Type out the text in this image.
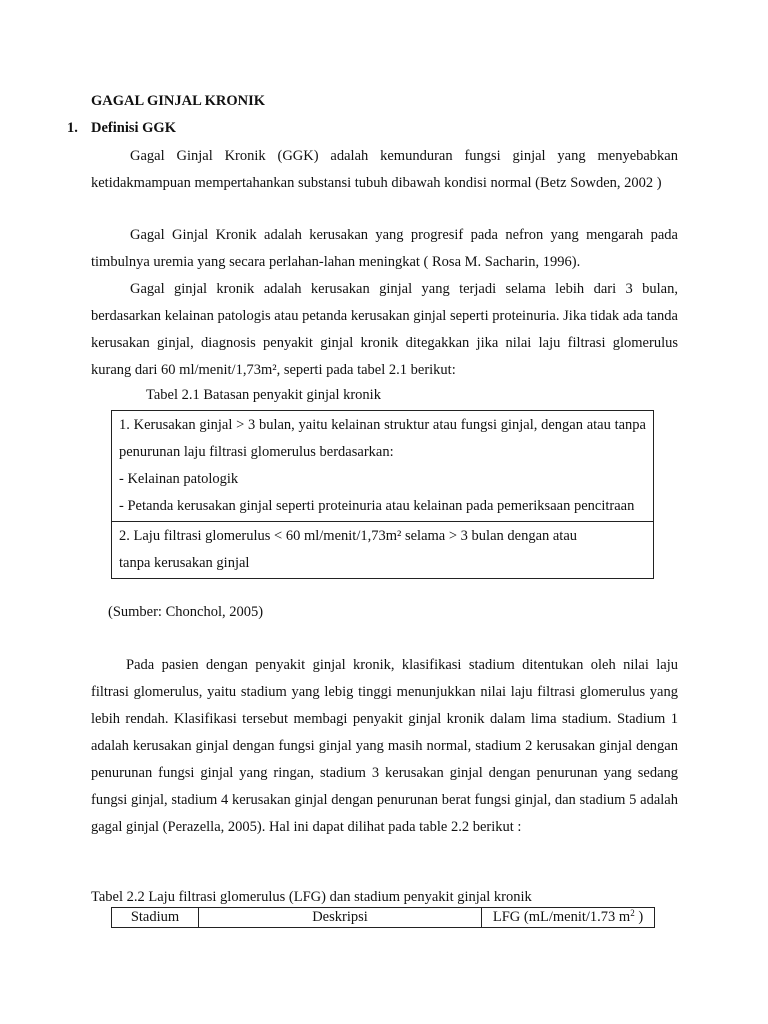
GAGAL GINJAL KRONIK
1. Definisi GGK

Gagal Ginjal Kronik (GGK) adalah kemunduran fungsi ginjal yang menyebabkan ketidakmampuan mempertahankan substansi tubuh dibawah kondisi normal (Betz Sowden, 2002 )

Gagal Ginjal Kronik adalah kerusakan yang progresif pada nefron yang mengarah pada timbulnya uremia yang secara perlahan-lahan meningkat ( Rosa M. Sacharin, 1996).

Gagal ginjal kronik adalah kerusakan ginjal yang terjadi selama lebih dari 3 bulan, berdasarkan kelainan patologis atau petanda kerusakan ginjal seperti proteinuria. Jika tidak ada tanda kerusakan ginjal, diagnosis penyakit ginjal kronik ditegakkan jika nilai laju filtrasi glomerulus kurang dari 60 ml/menit/1,73m², seperti pada tabel 2.1 berikut:

Tabel 2.1 Batasan penyakit ginjal kronik

1. Kerusakan ginjal > 3 bulan, yaitu kelainan struktur atau fungsi ginjal, dengan atau tanpa penurunan laju filtrasi glomerulus berdasarkan:

- Kelainan patologik

- Petanda kerusakan ginjal seperti proteinuria atau kelainan pada pemeriksaan pencitraan

2. Laju filtrasi glomerulus < 60 ml/menit/1,73m² selama > 3 bulan dengan atau

tanpa kerusakan ginjal

(Sumber: Chonchol, 2005)

Pada pasien dengan penyakit ginjal kronik, klasifikasi stadium ditentukan oleh nilai laju filtrasi glomerulus, yaitu stadium yang lebig tinggi menunjukkan nilai laju filtrasi glomerulus yang lebih rendah. Klasifikasi tersebut membagi penyakit ginjal kronik dalam lima stadium. Stadium 1 adalah kerusakan ginjal dengan fungsi ginjal yang masih normal, stadium 2 kerusakan ginjal dengan penurunan fungsi ginjal yang ringan, stadium 3 kerusakan ginjal dengan penurunan yang sedang fungsi ginjal, stadium 4 kerusakan ginjal dengan penurunan berat fungsi ginjal, dan stadium 5 adalah gagal ginjal (Perazella, 2005). Hal ini dapat dilihat pada table 2.2 berikut :

Tabel 2.2 Laju filtrasi glomerulus (LFG) dan stadium penyakit ginjal kronik
Stadium	Deskripsi	LFG (mL/menit/1.73 $m^2$ )
